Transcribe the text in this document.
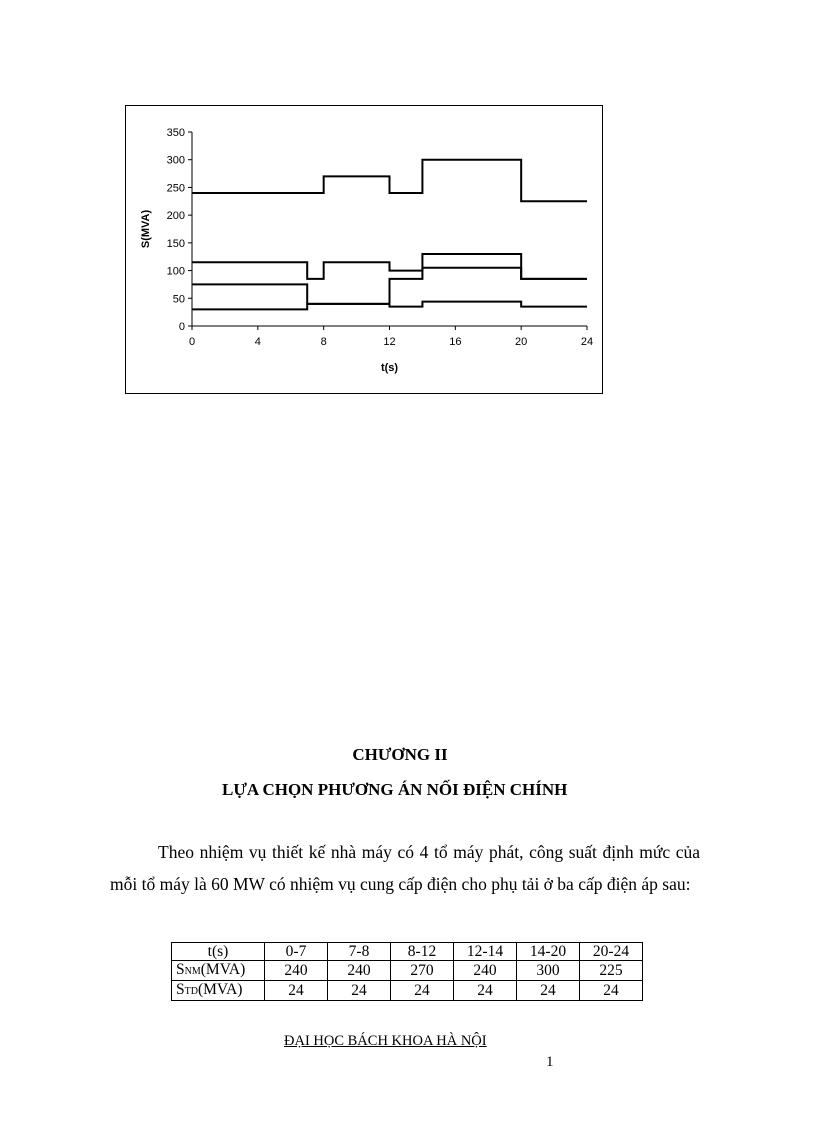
0
50
100
150
200
250
300
350
0	4	8	12	16	20	24
t(s)
S(MVA)
CHƯƠNG II
LỰA CHỌN PHƯƠNG ÁN NỐI ĐIỆN CHÍNH

Theo nhiệm vụ thiết kế nhà máy có 4 tổ máy phát, công suất định mức của mỗi tổ máy là 60 MW có nhiệm vụ cung cấp điện cho phụ tải ở ba cấp điện áp sau:

t(s)	0-7	7-8	8-12	12-14	14-20	20-24
SNM(MVA)	240	240	270	240	300	225
STD(MVA)	24	24	24	24	24	24

ĐẠI HỌC BÁCH KHOA HÀ NỘI

1
